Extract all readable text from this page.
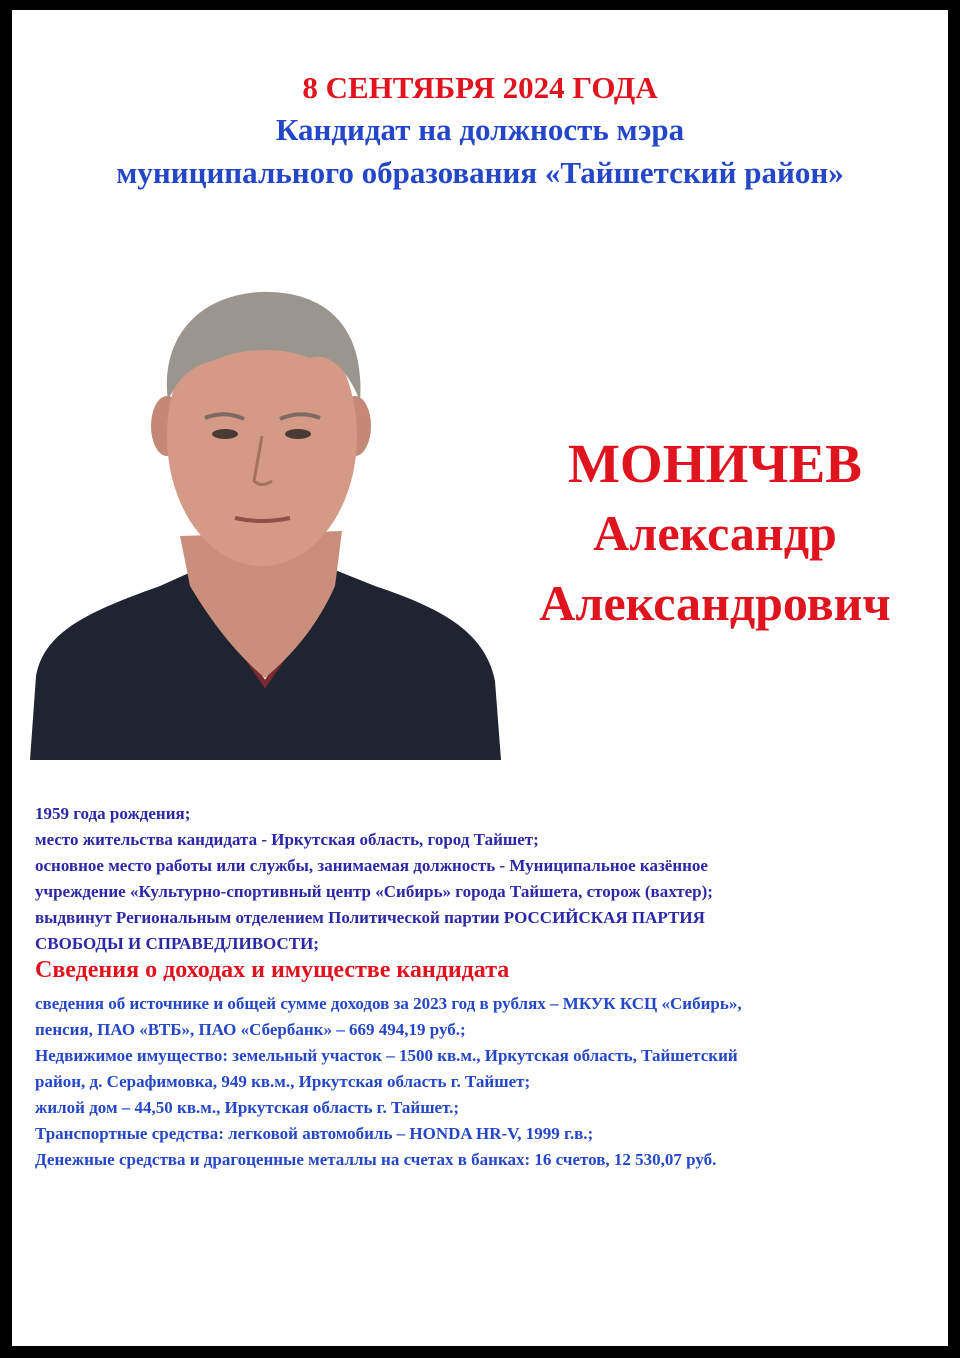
8 СЕНТЯБРЯ 2024 ГОДА
Кандидат на должность мэра
муниципального образования «Тайшетский район»
МОНИЧЕВ
Александр
Александрович
1959 года рождения;
место жительства кандидата - Иркутская область, город Тайшет;
основное место работы или службы, занимаемая должность - Муниципальное казённое
учреждение «Культурно-спортивный центр «Сибирь» города Тайшета, сторож (вахтер);
выдвинут Региональным отделением Политической партии РОССИЙСКАЯ ПАРТИЯ
СВОБОДЫ И СПРАВЕДЛИВОСТИ;
Сведения о доходах и имуществе кандидата
сведения об источнике и общей сумме доходов за 2023 год в рублях – МКУК КСЦ «Сибирь»,
пенсия, ПАО «ВТБ», ПАО «Сбербанк» – 669 494,19 руб.;
Недвижимое имущество: земельный участок – 1500 кв.м., Иркутская область, Тайшетский
район, д. Серафимовка, 949 кв.м., Иркутская область г. Тайшет;
жилой дом – 44,50 кв.м., Иркутская область г. Тайшет.;
Транспортные средства: легковой автомобиль – HONDA HR-V, 1999 г.в.;
Денежные средства и драгоценные металлы на счетах в банках: 16 счетов, 12 530,07 руб.
